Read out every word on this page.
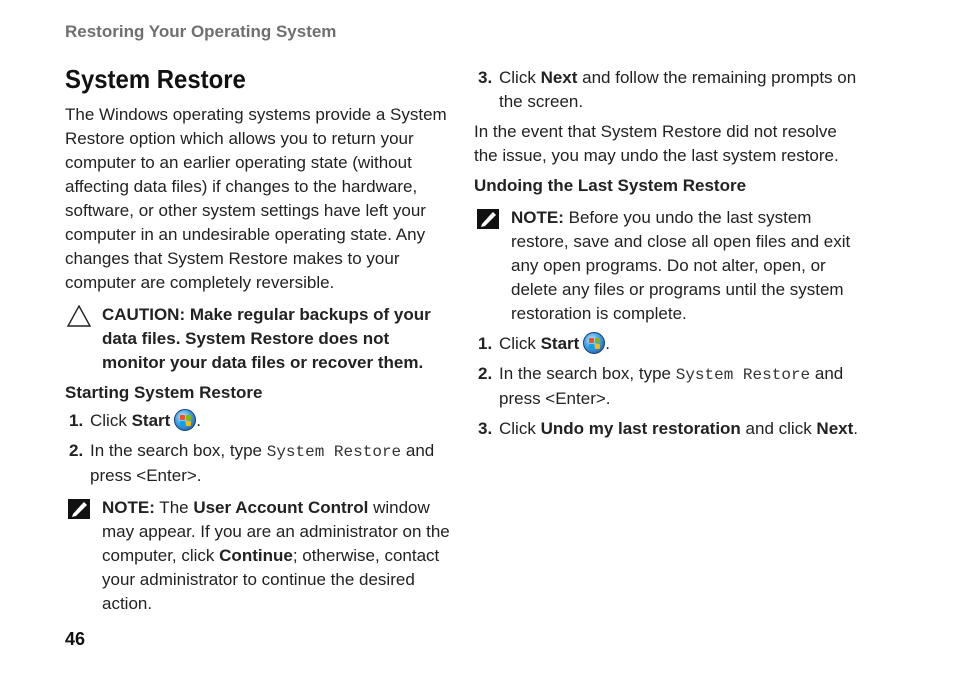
Restoring Your Operating System
System Restore

The Windows operating systems provide a System Restore option which allows you to return your computer to an earlier operating state (without affecting data files) if changes to the hardware, software, or other system settings have left your computer in an undesirable operating state. Any changes that System Restore makes to your computer are completely reversible.

CAUTION: Make regular backups of your data files. System Restore does not monitor your data files or recover them.

Starting System Restore

1. Click Start .
2. In the search box, type System Restore and press <Enter>.

NOTE: The User Account Control window may appear. If you are an administrator on the computer, click Continue; otherwise, contact your administrator to continue the desired action.

3. Click Next and follow the remaining prompts on the screen.

In the event that System Restore did not resolve the issue, you may undo the last system restore.

Undoing the Last System Restore

NOTE: Before you undo the last system restore, save and close all open files and exit any open programs. Do not alter, open, or delete any files or programs until the system restoration is complete.

1. Click Start .
2. In the search box, type System Restore and press <Enter>.
3. Click Undo my last restoration and click Next.
46
